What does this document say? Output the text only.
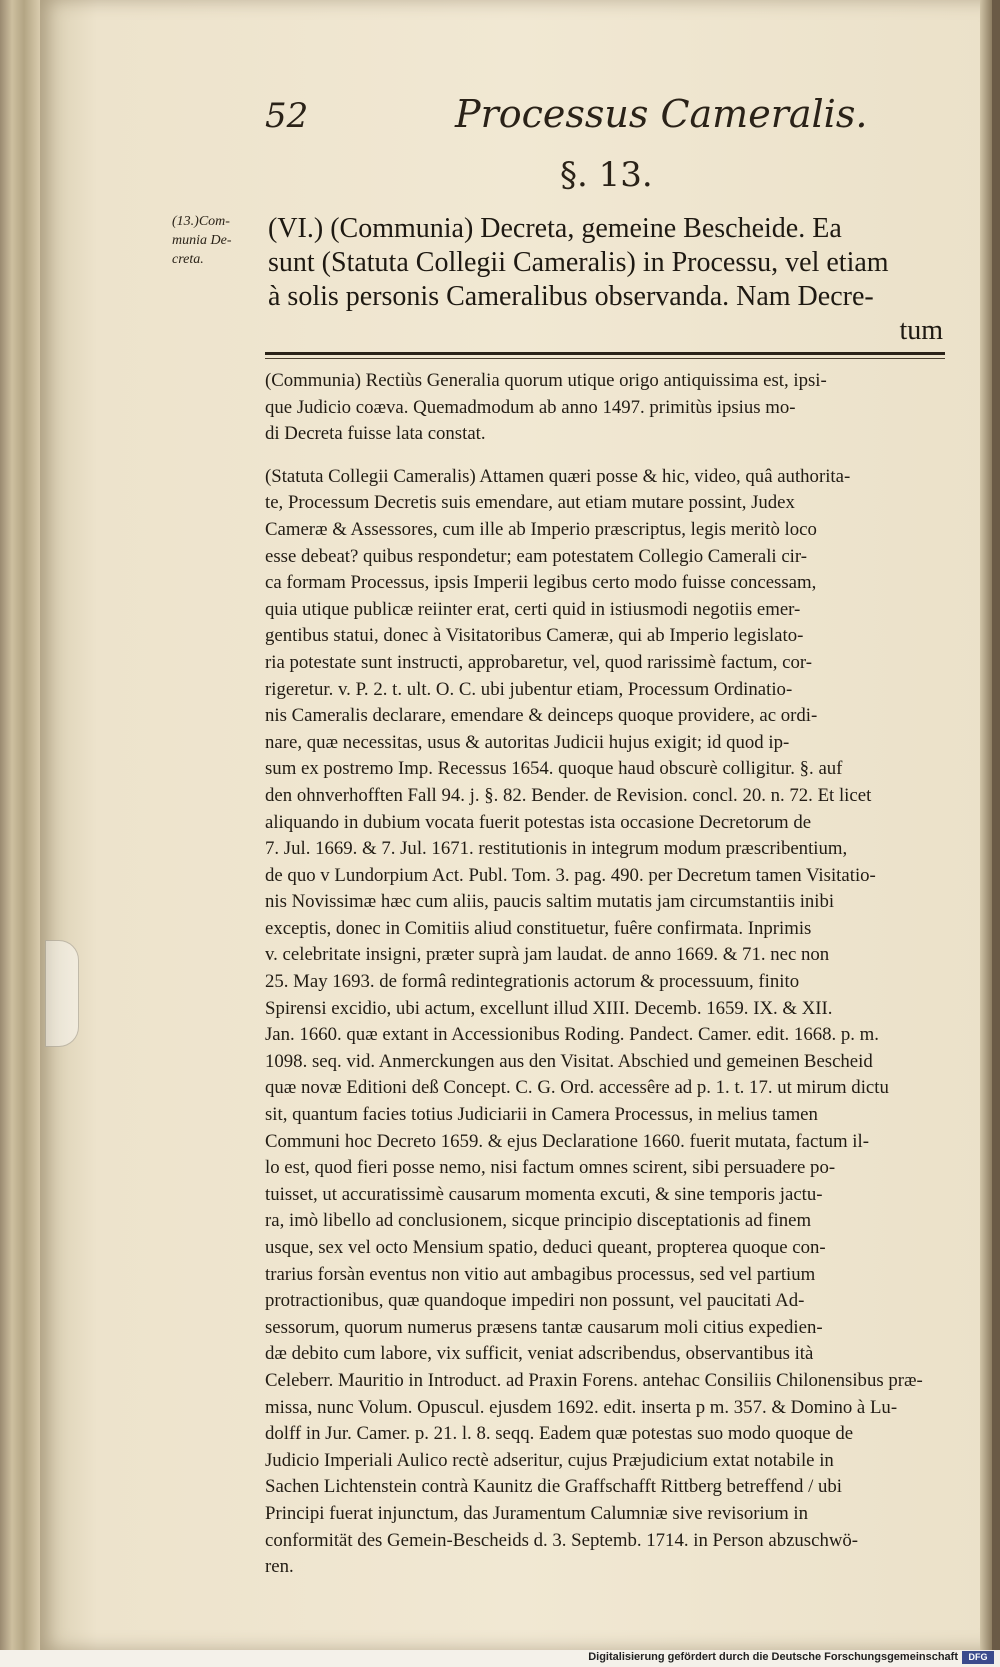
52	Processus Cameralis.
§. 13.
(13.)Com-
munia De-
creta.
(VI.) (Communia) Decreta, gemeine Bescheide. Ea
sunt (Statuta Collegii Cameralis) in Processu, vel etiam
à solis personis Cameralibus observanda. Nam Decre-
tum
(Communia) Rectiùs Generalia quorum utique origo antiquissima est, ipsi-
que Judicio coæva. Quemadmodum ab anno 1497. primitùs ipsius mo-
di Decreta fuisse lata constat.
(Statuta Collegii Cameralis) Attamen quæri posse & hic, video, quâ authorita-
te, Processum Decretis suis emendare, aut etiam mutare possint, Judex
Cameræ & Assessores, cum ille ab Imperio præscriptus, legis meritò loco
esse debeat? quibus respondetur; eam potestatem Collegio Camerali cir-
ca formam Processus, ipsis Imperii legibus certo modo fuisse concessam,
quia utique publicæ reiinter erat, certi quid in istiusmodi negotiis emer-
gentibus statui, donec à Visitatoribus Cameræ, qui ab Imperio legislato-
ria potestate sunt instructi, approbaretur, vel, quod rarissimè factum, cor-
rigeretur. v. P. 2. t. ult. O. C. ubi jubentur etiam, Processum Ordinatio-
nis Cameralis declarare, emendare & deinceps quoque providere, ac ordi-
nare, quæ necessitas, usus & autoritas Judicii hujus exigit; id quod ip-
sum ex postremo Imp. Recessus 1654. quoque haud obscurè colligitur. §. auf
den ohnverhofften Fall 94. j. §. 82. Bender. de Revision. concl. 20. n. 72. Et licet
aliquando in dubium vocata fuerit potestas ista occasione Decretorum de
7. Jul. 1669. & 7. Jul. 1671. restitutionis in integrum modum præscribentium,
de quo v Lundorpium Act. Publ. Tom. 3. pag. 490. per Decretum tamen Visitatio-
nis Novissimæ hæc cum aliis, paucis saltim mutatis jam circumstantiis inibi
exceptis, donec in Comitiis aliud constituetur, fuêre confirmata. Inprimis
v. celebritate insigni, præter suprà jam laudat. de anno 1669. & 71. nec non
25. May 1693. de formâ redintegrationis actorum & processuum, finito
Spirensi excidio, ubi actum, excellunt illud XIII. Decemb. 1659. IX. & XII.
Jan. 1660. quæ extant in Accessionibus Roding. Pandect. Camer. edit. 1668. p. m.
1098. seq. vid. Anmerckungen aus den Visitat. Abschied und gemeinen Bescheid
quæ novæ Editioni deß Concept. C. G. Ord. accessêre ad p. 1. t. 17. ut mirum dictu
sit, quantum facies totius Judiciarii in Camera Processus, in melius tamen
Communi hoc Decreto 1659. & ejus Declaratione 1660. fuerit mutata, factum il-
lo est, quod fieri posse nemo, nisi factum omnes scirent, sibi persuadere po-
tuisset, ut accuratissimè causarum momenta excuti, & sine temporis jactu-
ra, imò libello ad conclusionem, sicque principio disceptationis ad finem
usque, sex vel octo Mensium spatio, deduci queant, propterea quoque con-
trarius forsàn eventus non vitio aut ambagibus processus, sed vel partium
protractionibus, quæ quandoque impediri non possunt, vel paucitati Ad-
sessorum, quorum numerus præsens tantæ causarum moli citius expedien-
dæ debito cum labore, vix sufficit, veniat adscribendus, observantibus ità
Celeberr. Mauritio in Introduct. ad Praxin Forens. antehac Consiliis Chilonensibus præ-
missa, nunc Volum. Opuscul. ejusdem 1692. edit. inserta p m. 357. & Domino à Lu-
dolff in Jur. Camer. p. 21. l. 8. seqq. Eadem quæ potestas suo modo quoque de
Judicio Imperiali Aulico rectè adseritur, cujus Præjudicium extat notabile in
Sachen Lichtenstein contrà Kaunitz die Graffschafft Rittberg betreffend / ubi
Principi fuerat injunctum, das Juramentum Calumniæ sive revisorium in
conformität des Gemein-Bescheids d. 3. Septemb. 1714. in Person abzuschwö-
ren.
Digitalisierung gefördert durch die Deutsche Forschungsgemeinschaft	DFG
